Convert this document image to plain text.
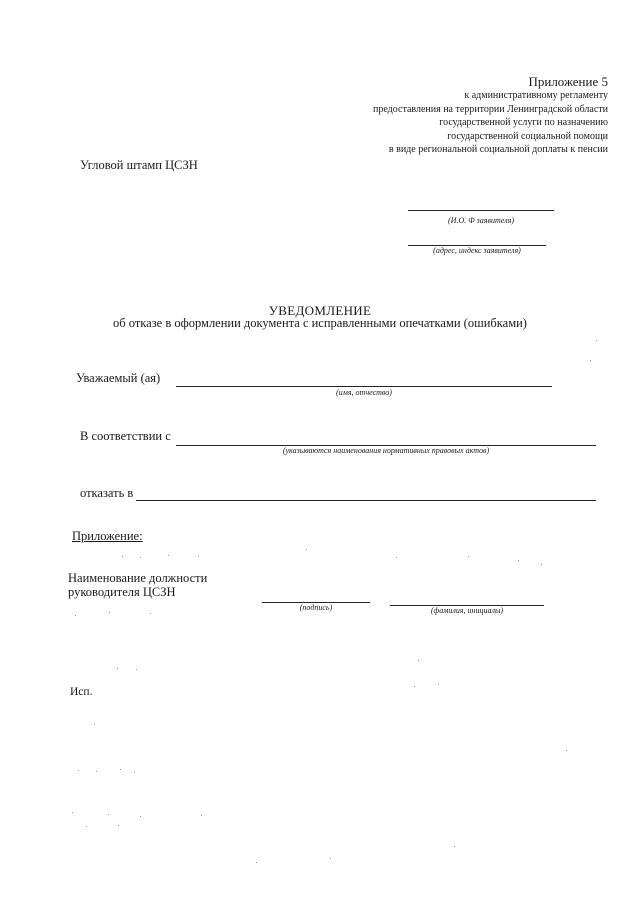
Приложение 5
к административному регламенту
предоставления на территории Ленинградской области
государственной услуги по назначению
государственной социальной помощи
в виде региональной социальной доплаты к пенсии
Угловой штамп ЦСЗН
(И.О. Ф заявителя)
(адрес, индекс заявителя)
УВЕДОМЛЕНИЕ
об отказе в оформлении документа с исправленными опечатками (ошибками)
Уважаемый (ая)
(имя, отчество)
В соответствии с
(указываются наименования нормативных правовых актов)
отказать в
Приложение:
Наименование должности
руководителя ЦСЗН
(подпись)	(фамилия, инициалы)
Исп.
